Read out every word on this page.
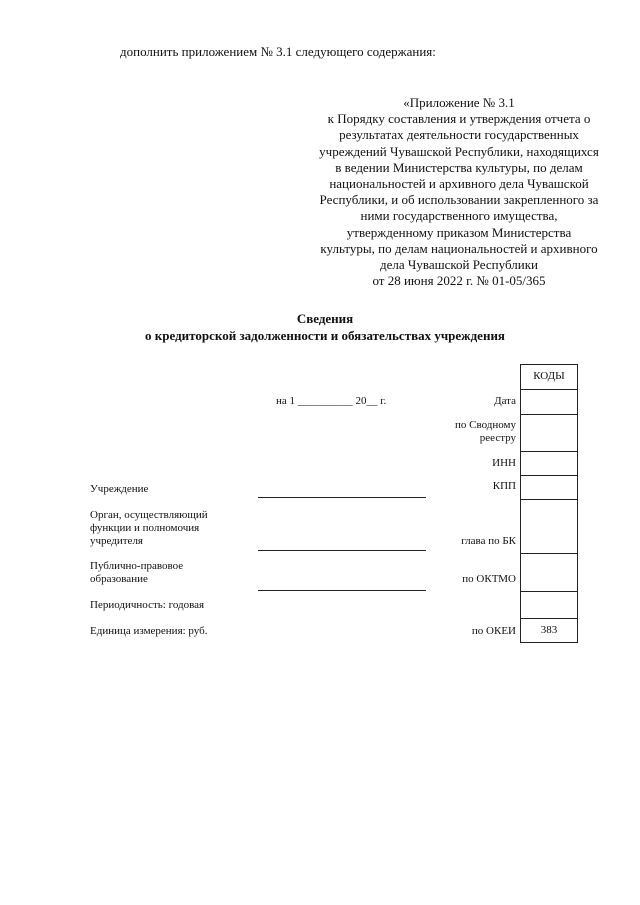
дополнить приложением № 3.1 следующего содержания:
«Приложение № 3.1
к Порядку составления и утверждения отчета о
результатах деятельности государственных
учреждений Чувашской Республики, находящихся
в ведении Министерства культуры, по делам
национальностей и архивного дела Чувашской
Республики, и об использовании закрепленного за
ними государственного имущества,
утвержденному приказом Министерства
культуры, по делам национальностей и архивного
дела Чувашской Республики
от 28 июня 2022 г. № 01-05/365
Сведения
о кредиторской задолженности и обязательствах учреждения
на 1 __________ 20__ г.
Учреждение
Орган, осуществляющий
функции и полномочия
учредителя
Публично-правовое
образование
Периодичность: годовая
Единица измерения: руб.
Дата
по Сводному
реестру
ИНН
КПП
глава по БК
по ОКТМО
по ОКЕИ
КОДЫ
383
